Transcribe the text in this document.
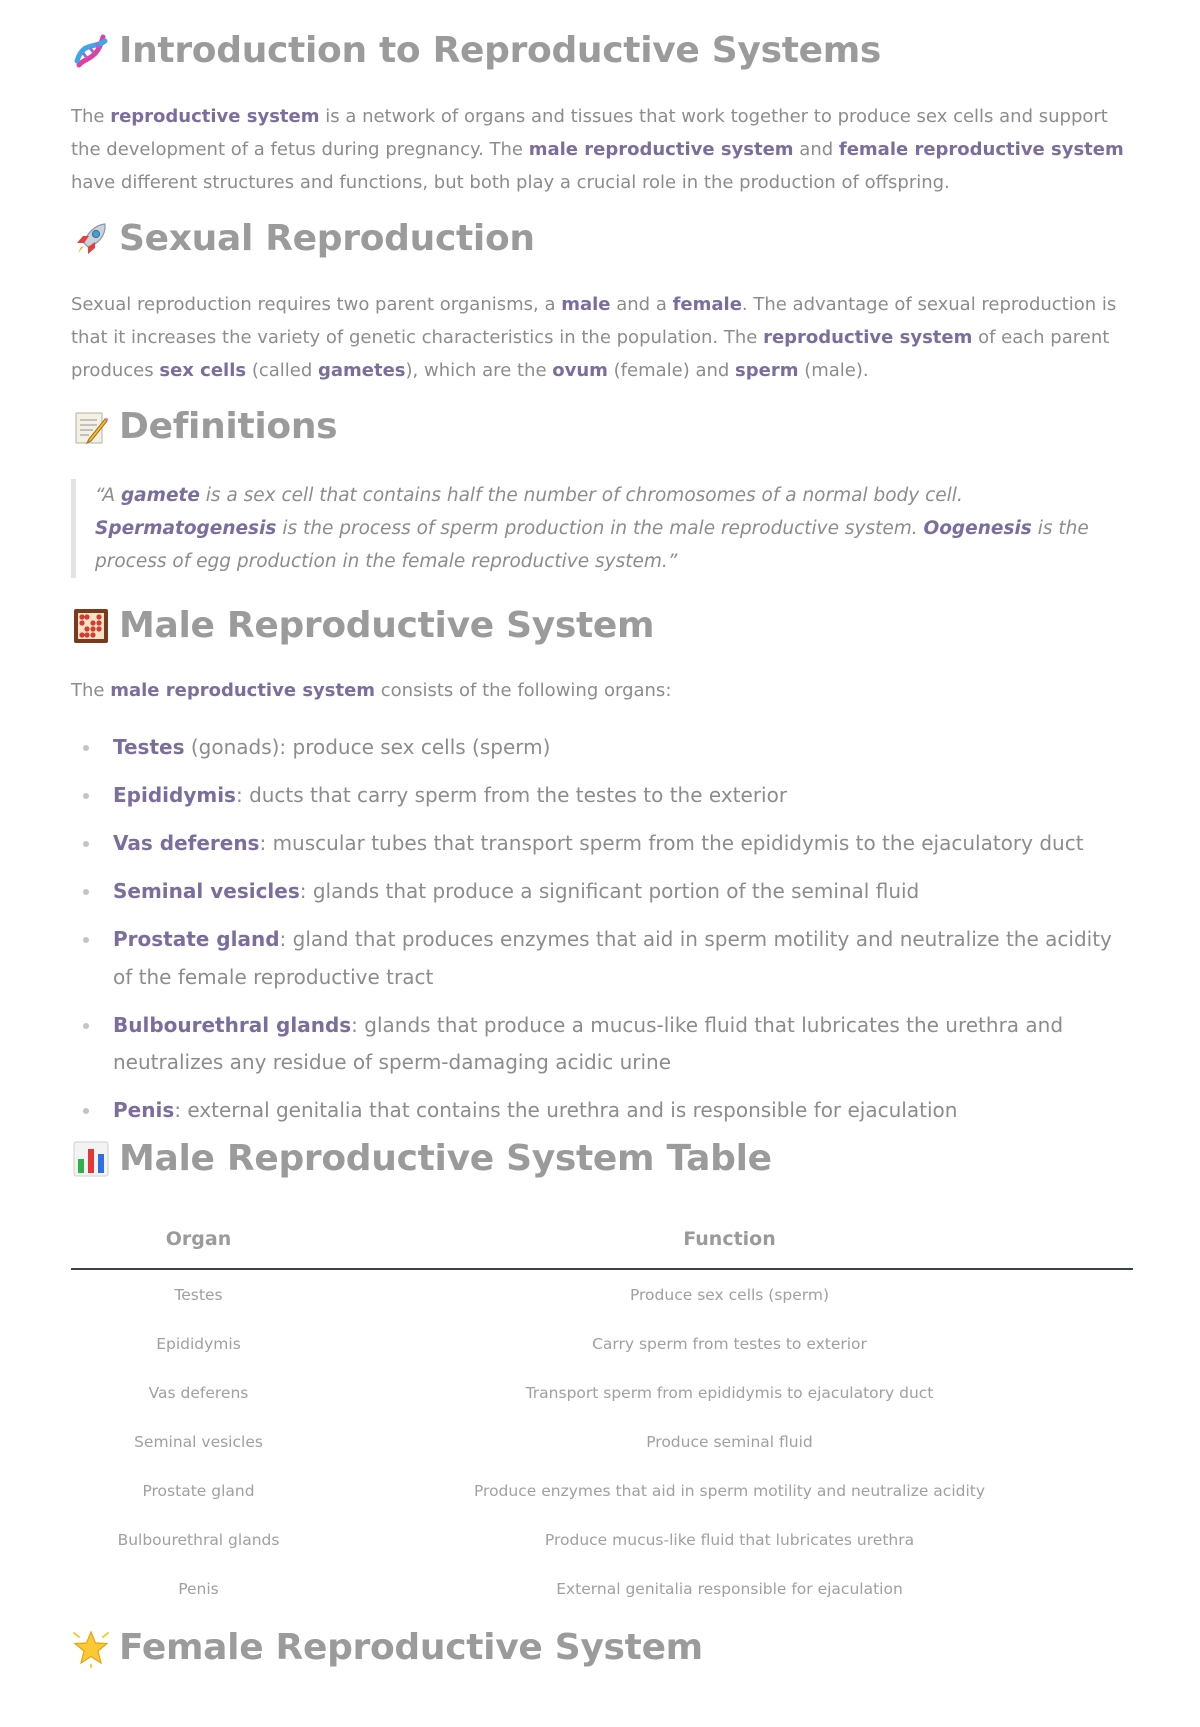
Introduction to Reproductive Systems

The reproductive system is a network of organs and tissues that work together to produce sex cells and support the development of a fetus during pregnancy. The male reproductive system and female reproductive system have different structures and functions, but both play a crucial role in the production of offspring.

Sexual Reproduction

Sexual reproduction requires two parent organisms, a male and a female. The advantage of sexual reproduction is that it increases the variety of genetic characteristics in the population. The reproductive system of each parent produces sex cells (called gametes), which are the ovum (female) and sperm (male).

Definitions

“A gamete is a sex cell that contains half the number of chromosomes of a normal body cell. Spermatogenesis is the process of sperm production in the male reproductive system. Oogenesis is the process of egg production in the female reproductive system.”

Male Reproductive System

The male reproductive system consists of the following organs:

Testes (gonads): produce sex cells (sperm)
Epididymis: ducts that carry sperm from the testes to the exterior
Vas deferens: muscular tubes that transport sperm from the epididymis to the ejaculatory duct
Seminal vesicles: glands that produce a significant portion of the seminal fluid
Prostate gland: gland that produces enzymes that aid in sperm motility and neutralize the acidity of the female reproductive tract
Bulbourethral glands: glands that produce a mucus-like fluid that lubricates the urethra and neutralizes any residue of sperm-damaging acidic urine
Penis: external genitalia that contains the urethra and is responsible for ejaculation
Male Reproductive System Table
Organ	Function
Testes	Produce sex cells (sperm)
Epididymis	Carry sperm from testes to exterior
Vas deferens	Transport sperm from epididymis to ejaculatory duct
Seminal vesicles	Produce seminal fluid
Prostate gland	Produce enzymes that aid in sperm motility and neutralize acidity
Bulbourethral glands	Produce mucus-like fluid that lubricates urethra
Penis	External genitalia responsible for ejaculation
Female Reproductive System
